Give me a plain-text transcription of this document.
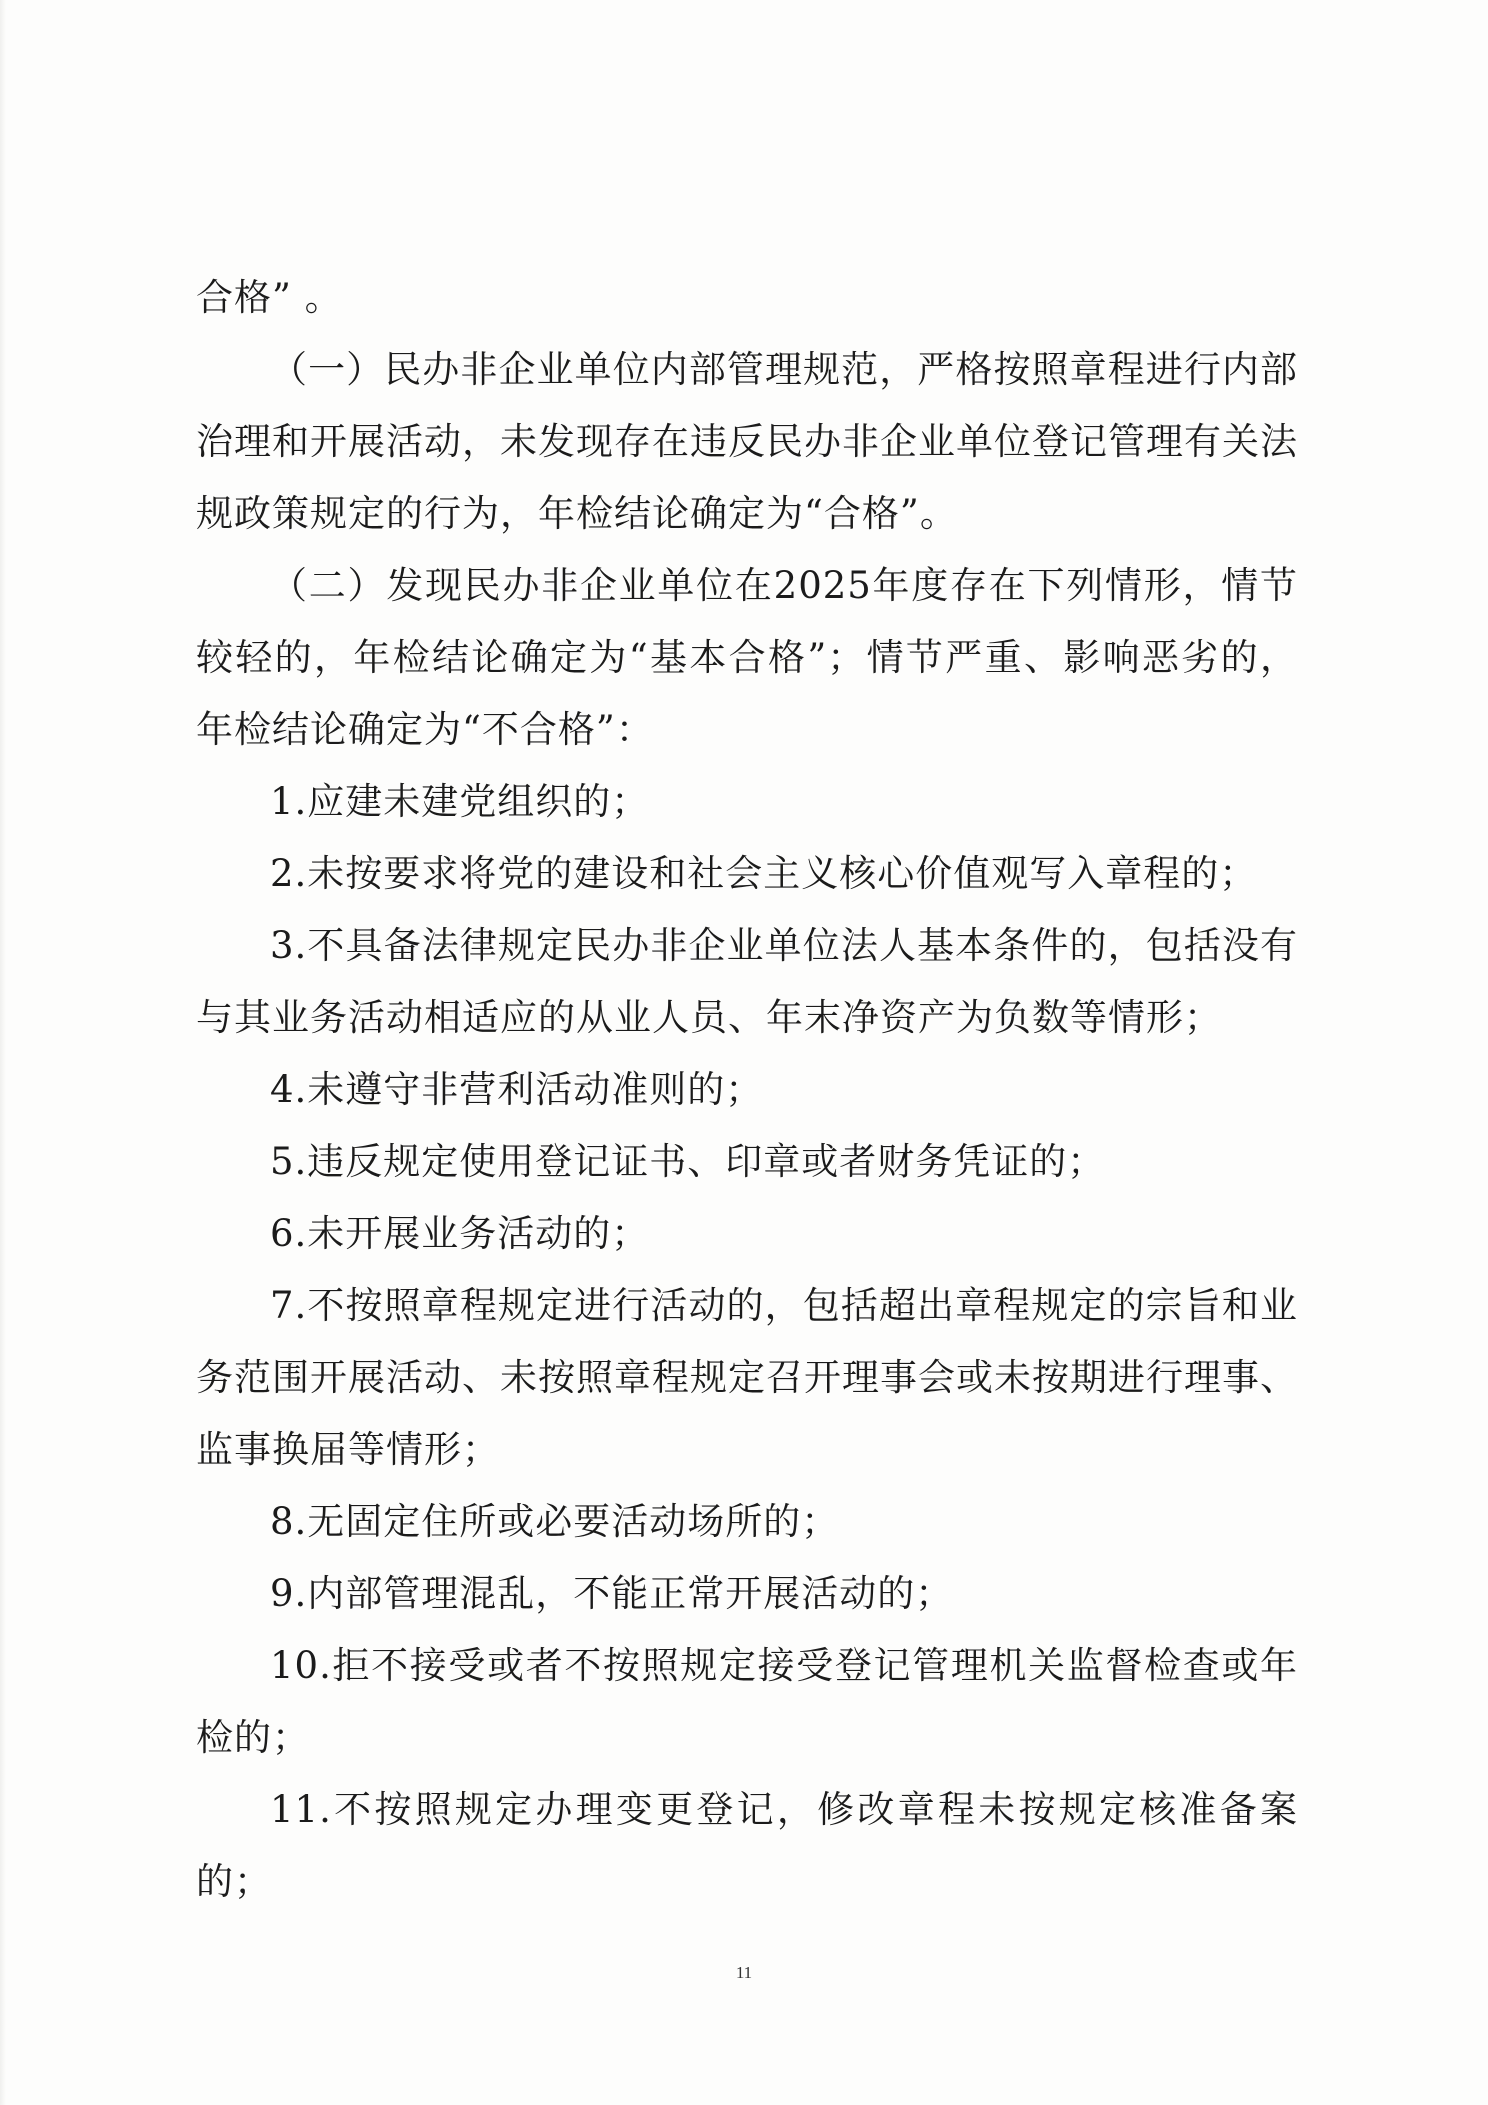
合格” 。

（一）民办非企业单位内部管理规范，严格按照章程进行内部治理和开展活动，未发现存在违反民办非企业单位登记管理有关法规政策规定的行为，年检结论确定为“合格”。

（二）发现民办非企业单位在2025年度存在下列情形，情节较轻的，年检结论确定为“基本合格”；情节严重、影响恶劣的，年检结论确定为“不合格”：

1.应建未建党组织的；

2.未按要求将党的建设和社会主义核心价值观写入章程的；

3.不具备法律规定民办非企业单位法人基本条件的，包括没有与其业务活动相适应的从业人员、年末净资产为负数等情形；

4.未遵守非营利活动准则的；

5.违反规定使用登记证书、印章或者财务凭证的；

6.未开展业务活动的；

7.不按照章程规定进行活动的，包括超出章程规定的宗旨和业务范围开展活动、未按照章程规定召开理事会或未按期进行理事、监事换届等情形；

8.无固定住所或必要活动场所的；

9.内部管理混乱，不能正常开展活动的；

10.拒不接受或者不按照规定接受登记管理机关监督检查或年检的；

11.不按照规定办理变更登记，修改章程未按规定核准备案的；

11
